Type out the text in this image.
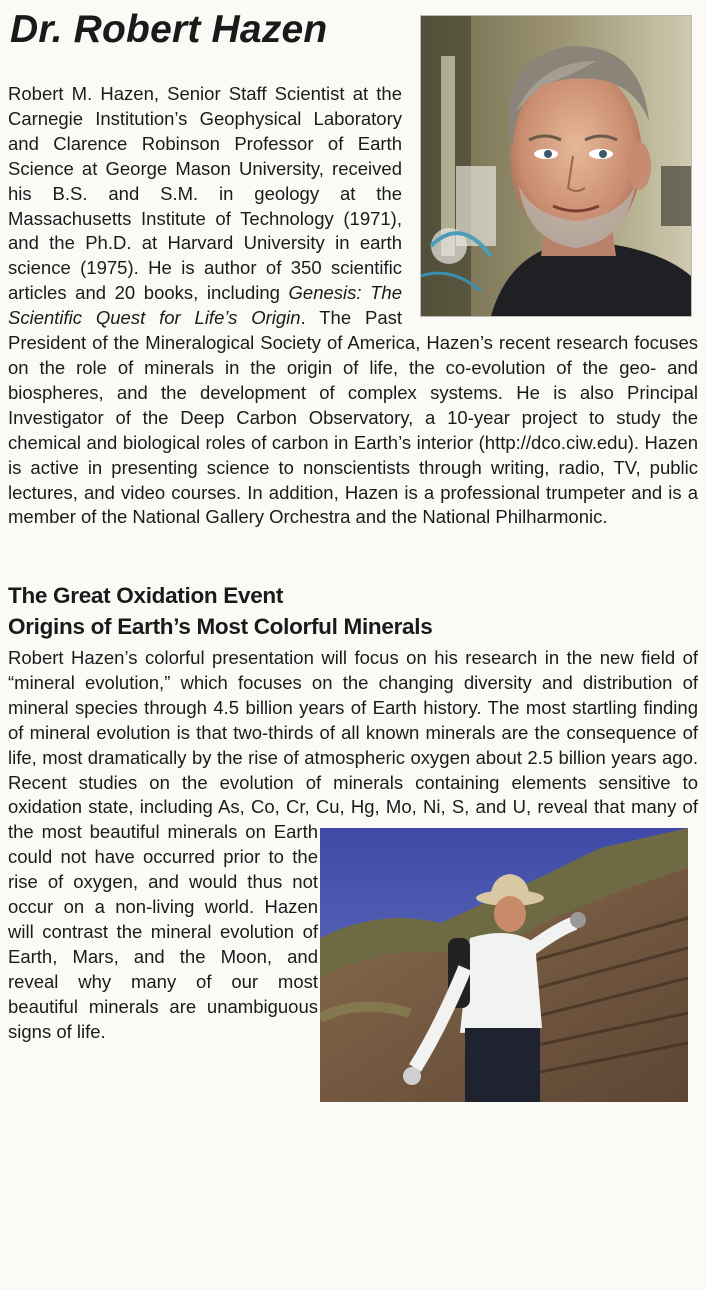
Dr. Robert Hazen

Robert M. Hazen, Senior Staff Scientist at the Carnegie Institution’s Geophysical Laboratory and Clarence Robinson Professor of Earth Science at George Mason University, received his B.S. and S.M. in geology at the Massachusetts Institute of Technology (1971), and the Ph.D. at Harvard University in earth science (1975). He is author of 350 scientific articles and 20 books, including Genesis: The Scientific Quest for Life’s Origin. The Past President of the Mineralogical Society of America, Hazen’s recent research focuses on the role of minerals in the origin of life, the co-evolution of the geo- and biospheres, and the development of complex systems. He is also Principal Investigator of the Deep Carbon Observatory, a 10-year project to study the chemical and biological roles of carbon in Earth’s interior (http://dco.ciw.edu). Hazen is active in presenting science to nonscientists through writing, radio, TV, public lectures, and video courses. In addition, Hazen is a professional trumpeter and is a member of the National Gallery Orchestra and the National Philharmonic.

The Great Oxidation Event
Origins of Earth’s Most Colorful Minerals

Robert Hazen’s colorful presentation will focus on his research in the new field of “mineral evolution,” which focuses on the changing diversity and distribution of mineral species through 4.5 billion years of Earth history. The most startling finding of mineral evolution is that two-thirds of all known minerals are the consequence of life, most dramatically by the rise of atmospheric oxygen about 2.5 billion years ago. Recent studies on the evolution of minerals containing elements sensitive to oxidation state, including As, Co, Cr, Cu, Hg, Mo, Ni, S, and U, reveal that many of the most beautiful minerals on Earth could not have occurred prior to the rise of oxygen, and would thus not occur on a non-living world. Hazen will contrast the mineral evolution of Earth, Mars, and the Moon, and reveal why many of our most beautiful minerals are unambiguous signs of life.
